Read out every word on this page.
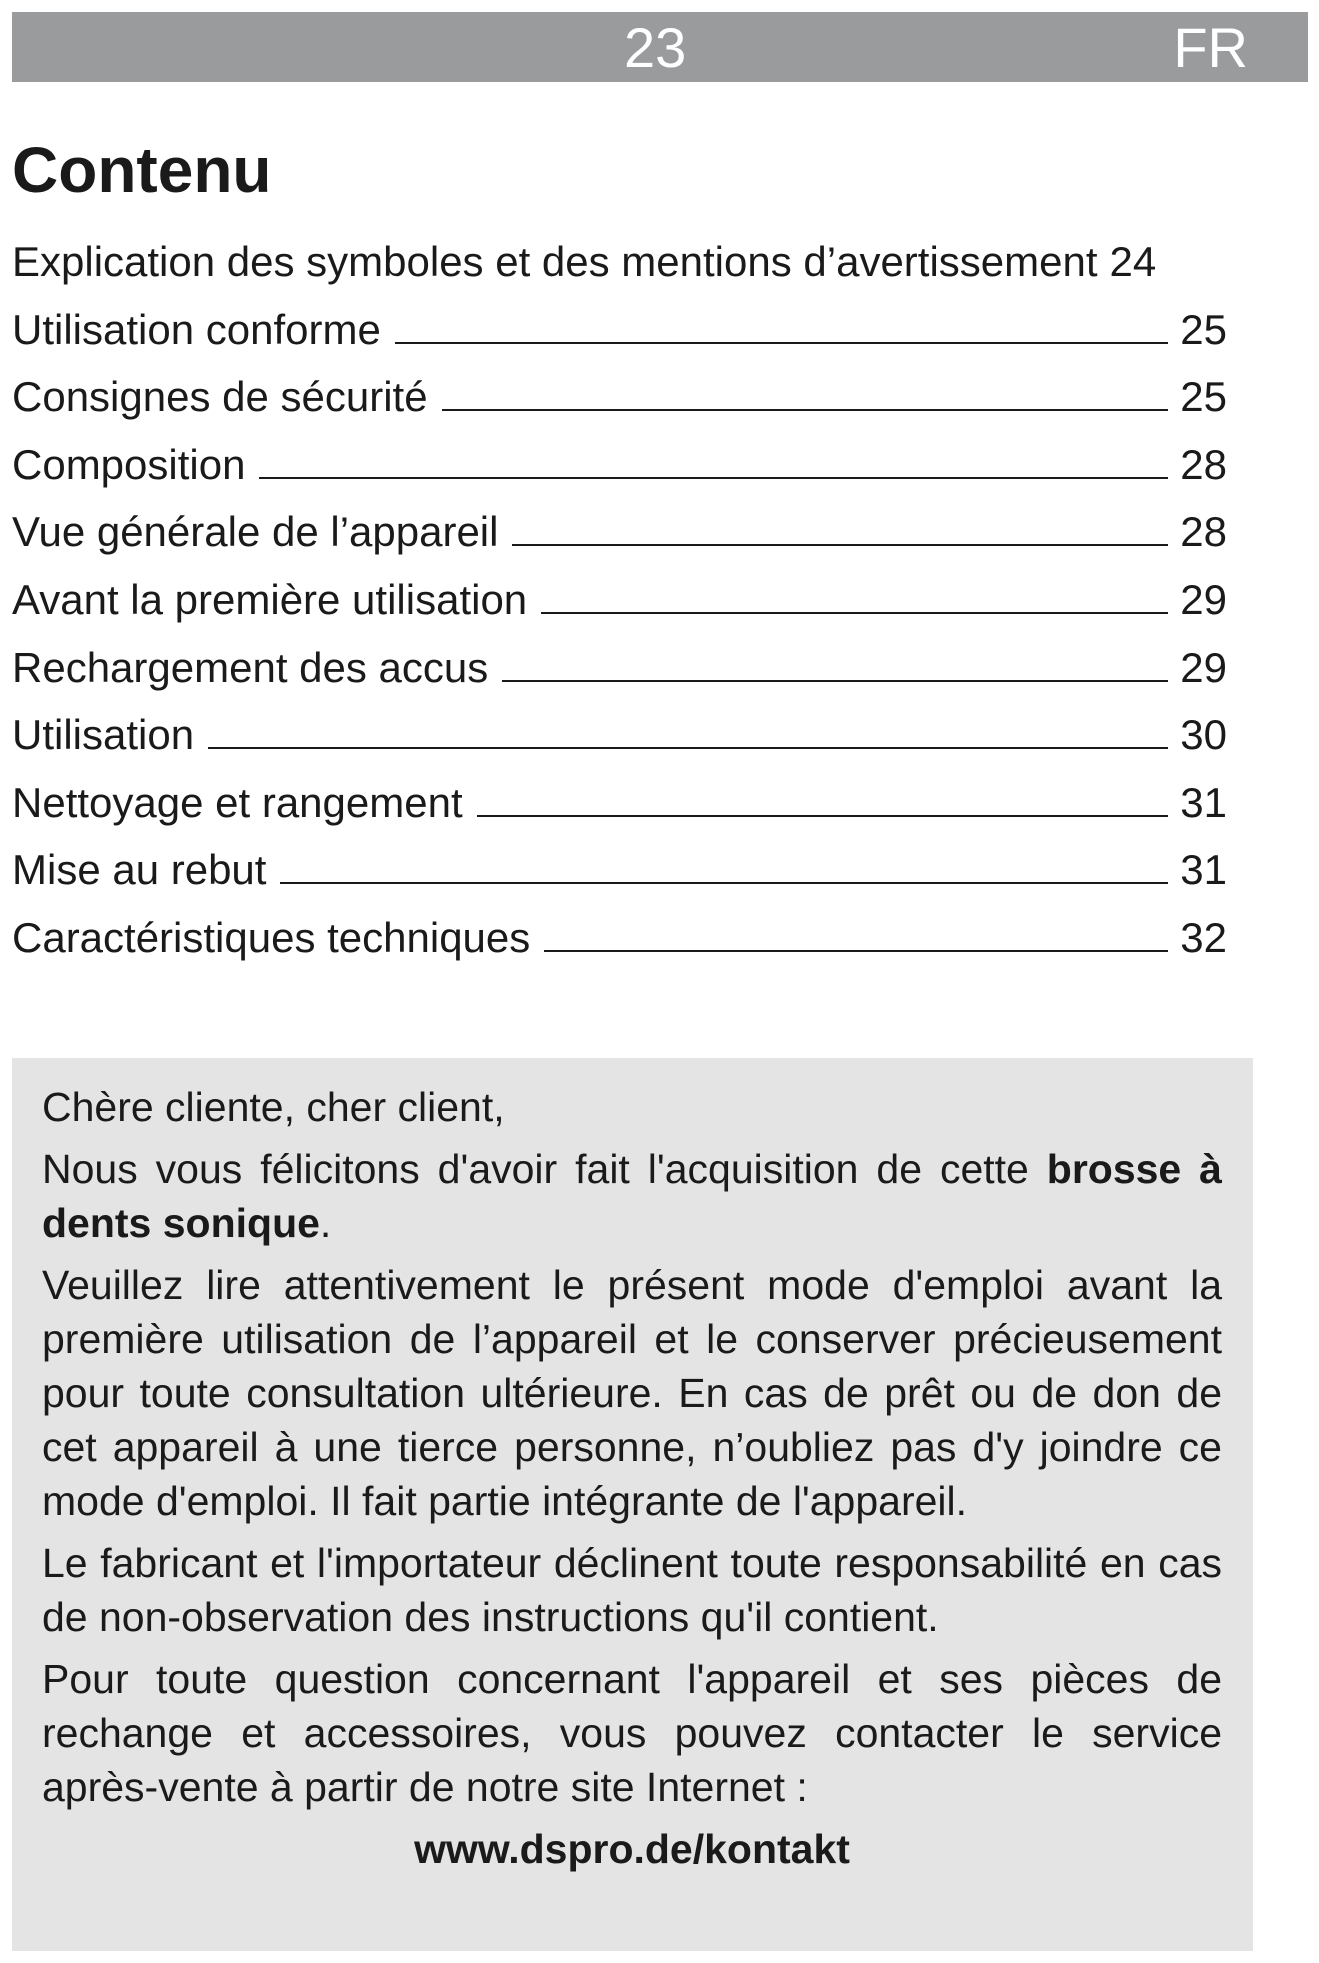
23	FR
Contenu
Explication des symboles et des mentions d’avertissement 24
Utilisation conforme	25
Consignes de sécurité	25
Composition	28
Vue générale de l’appareil	28
Avant la première utilisation	29
Rechargement des accus	29
Utilisation	30
Nettoyage et rangement	31
Mise au rebut	31
Caractéristiques techniques	32

Chère cliente, cher client,

Nous vous félicitons d'avoir fait l'acquisition de cette brosse à dents sonique.

Veuillez lire attentivement le présent mode d'emploi avant la première utilisation de l’appareil et le conserver précieusement pour toute consultation ultérieure. En cas de prêt ou de don de cet appareil à une tierce personne, n’oubliez pas d'y joindre ce mode d'emploi. Il fait partie intégrante de l'appareil.

Le fabricant et l'importateur déclinent toute responsabilité en cas de non-observation des instructions qu'il contient.

Pour toute question concernant l'appareil et ses pièces de rechange et accessoires, vous pouvez contacter le service après-vente à partir de notre site Internet :

www.dspro.de/kontakt
